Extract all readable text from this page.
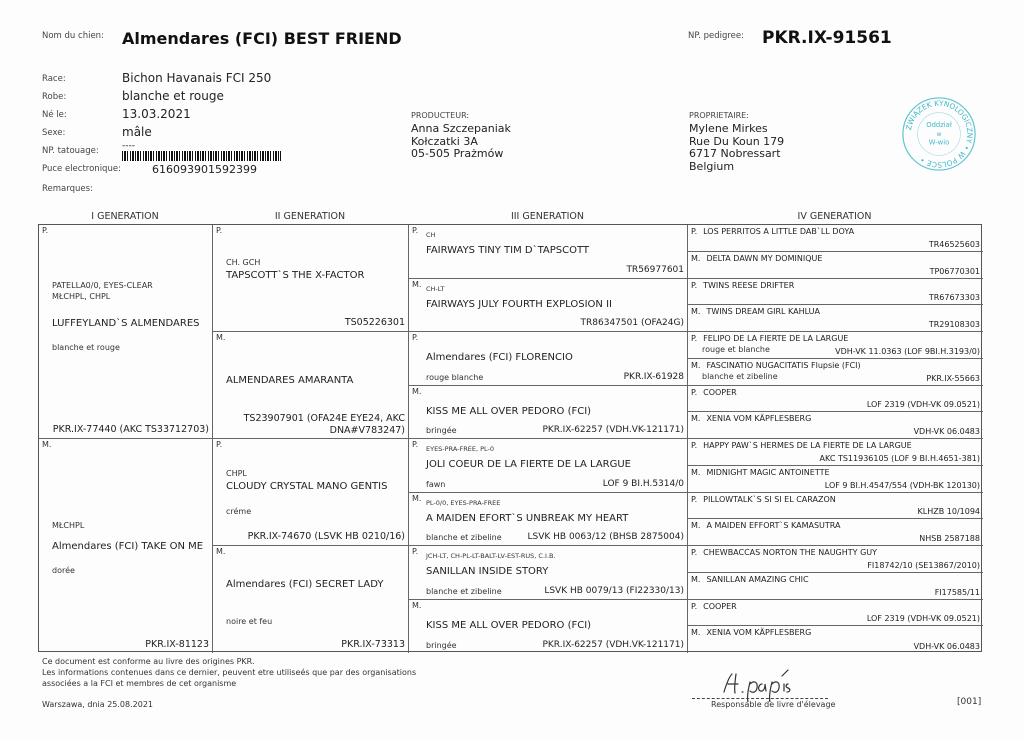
Nom du chien: Almendares (FCI) BEST FRIEND	NP. pedigree: PKR.IX-91561
Race:	Bichon Havanais FCI 250
Robe:	blanche et rouge
Né le:	13.03.2021
Sexe:	mâle
NP. tatouage:	----
Puce electronique:	616093901592399
Remarques:
PRODUCTEUR:
Anna Szczepaniak
Kołczatki 3A
05-505 Prażmów
PROPRIETAIRE:
Mylene Mirkes
Rue Du Koun 179
6717 Nobressart
Belgium
ZWIĄZEK KYNOLOGICZNY • W POLSCE •
Oddział
w
W-wio
I GENERATION	II GENERATION	III GENERATION	IV GENERATION
P.
PATELLA0/0, EYES-CLEAR
MŁCHPL, CHPL
LUFFEYLAND`S ALMENDARES
blanche et rouge
PKR.IX-77440 (AKC TS33712703)
M.
MŁCHPL
Almendares (FCI) TAKE ON ME
dorée
PKR.IX-81123
P.
CH. GCH
TAPSCOTT`S THE X-FACTOR
TS05226301
M.
ALMENDARES AMARANTA
TS23907901 (OFA24E EYE24, AKC
DNA#V783247)
P.
CHPL
CLOUDY CRYSTAL MANO GENTIS
créme
PKR.IX-74670 (LSVK HB 0210/16)
M.
Almendares (FCI) SECRET LADY
noire et feu
PKR.IX-73313
P. CH
FAIRWAYS TINY TIM D`TAPSCOTT
TR56977601
M. CH-LT
FAIRWAYS JULY FOURTH EXPLOSION II
TR86347501 (OFA24G)
P.
Almendares (FCI) FLORENCIO
rouge blanche	PKR.IX-61928
M.
KISS ME ALL OVER PEDORO (FCI)
bringée	PKR.IX-62257 (VDH.VK-121171)
P. EYES-PRA-FREE, PL-0
JOLI COEUR DE LA FIERTE DE LA LARGUE
fawn	LOF 9 BI.H.5314/0
M. PL-0/0, EYES-PRA-FREE
A MAIDEN EFORT`S UNBREAK MY HEART
blanche et zibeline	LSVK HB 0063/12 (BHSB 2875004)
P. JCH-LT, CH-PL-LT-BALT-LV-EST-RUS, C.I.B.
SANILLAN INSIDE STORY
blanche et zibeline	LSVK HB 0079/13 (FI22330/13)
M.
KISS ME ALL OVER PEDORO (FCI)
bringée	PKR.IX-62257 (VDH.VK-121171)
P. LOS PERRITOS A LITTLE DAB`LL DOYA
TR46525603
M. DELTA DAWN MY DOMINIQUE
TP06770301
P. TWINS REESE DRIFTER
TR67673303
M. TWINS DREAM GIRL KAHLUA
TR29108303
P. FELIPO DE LA FIERTE DE LA LARGUE
rouge et blanche	VDH-VK 11.0363 (LOF 9BI.H.3193/0)
M. FASCINATIO NUGACITATIS Flupsie (FCI)
blanche et zibeline	PKR.IX-55663
P. COOPER
LOF 2319 (VDH-VK 09.0521)
M. XENIA VOM KÄPFLESBERG
VDH-VK 06.0483
P. HAPPY PAW`S HERMES DE LA FIERTE DE LA LARGUE
AKC TS11936105 (LOF 9 BI.H.4651-381)
M. MIDNIGHT MAGIC ANTOINETTE
LOF 9 BI.H.4547/554 (VDH-BK 120130)
P. PILLOWTALK`S SI SI EL CARAZON
KLHZB 10/1094
M. A MAIDEN EFFORT`S KAMASUTRA
NHSB 2587188
P. CHEWBACCAS NORTON THE NAUGHTY GUY
FI18742/10 (SE13867/2010)
M. SANILLAN AMAZING CHIC
FI17585/11
P. COOPER
LOF 2319 (VDH-VK 09.0521)
M. XENIA VOM KÄPFLESBERG
VDH-VK 06.0483
Ce document est conforme au livre des origines PKR.
Les informations contenues dans ce dernier, peuvent etre utiliseés que par des organisations
associées a la FCI et membres de cet organisme
Warszawa, dnia 25.08.2021	Responsable de livre d'élevage	[001]
